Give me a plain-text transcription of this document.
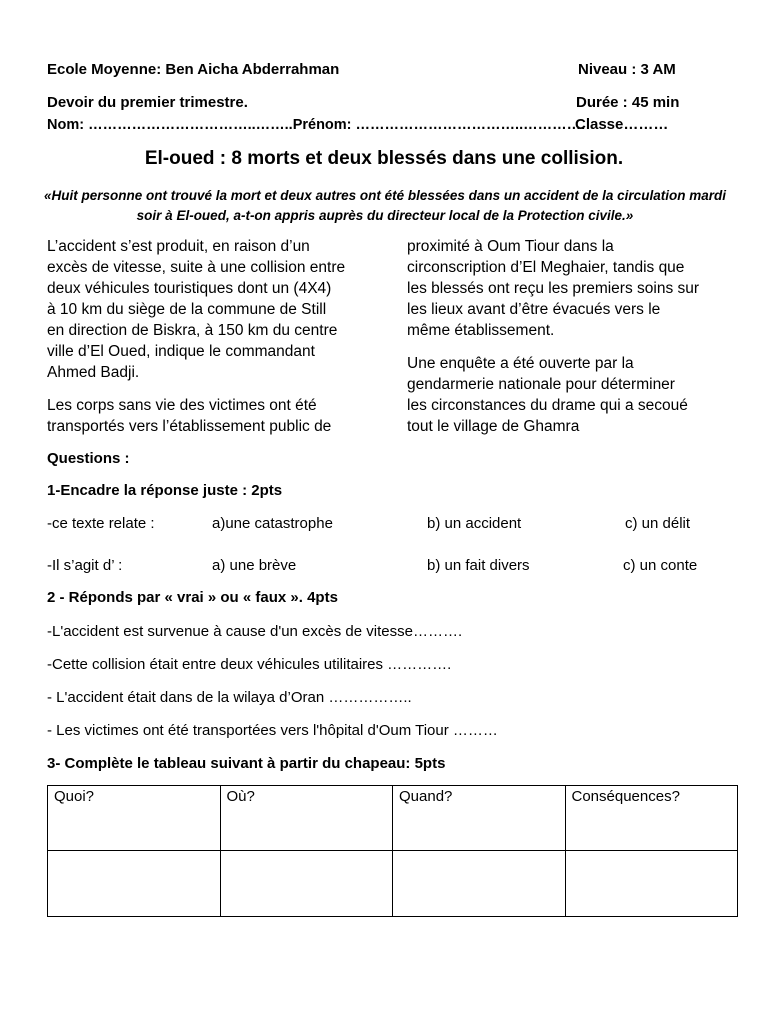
Ecole Moyenne: Ben Aicha Abderrahman	Niveau : 3 AM
Devoir du premier trimestre.	Durée : 45 min
Nom: ……………………………..……..Prénom: ……………………………..………….
Classe………
El-oued : 8 morts et deux blessés dans une collision.
«Huit personne ont trouvé la mort et deux autres ont été blessées dans un accident de la circulation mardi soir à El-oued, a-t-on appris auprès du directeur local de la Protection civile.»

L’accident s’est produit, en raison d’un
excès de vitesse, suite à une collision entre
deux véhicules touristiques dont un (4X4)
à 10 km du siège de la commune de Still
en direction de Biskra, à 150 km du centre
ville d’El Oued, indique le commandant
Ahmed Badji.

Les corps sans vie des victimes ont été
transportés vers l’établissement public de

proximité à Oum Tiour dans la
circonscription d’El Meghaier, tandis que
les blessés ont reçu les premiers soins sur
les lieux avant d’être évacués vers le
même établissement.

Une enquête a été ouverte par la
gendarmerie nationale pour déterminer
les circonstances du drame qui a secoué
tout le village de Ghamra

Questions :
1-Encadre la réponse juste : 2pts
-ce texte relate :	a)une catastrophe	b) un accident	c) un délit
-Il s’agit d’ :	a) une brève	b) un fait divers	c) un conte
2 - Réponds par « vrai » ou « faux ». 4pts
-L'accident est survenue à cause d'un excès de vitesse……….
-Cette collision était entre deux véhicules utilitaires ………….
- L'accident était dans de la wilaya d’Oran ……………..
- Les victimes ont été transportées vers l'hôpital d'Oum Tiour ………
3- Complète le tableau suivant à partir du chapeau: 5pts
Quoi?	Où?	Quand?	Conséquences?
